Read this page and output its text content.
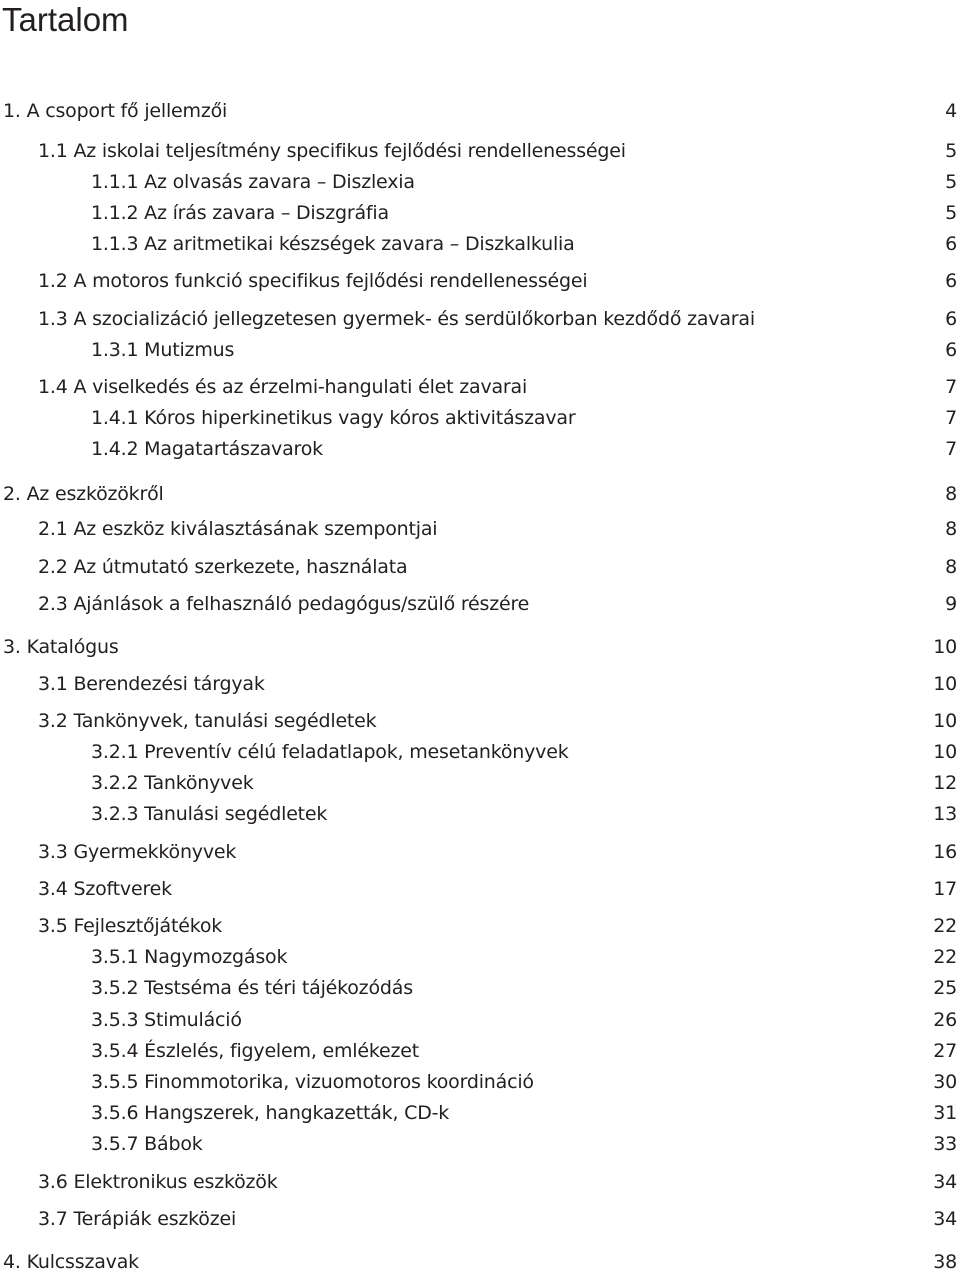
Tartalom
1. A csoport fő jellemzői	4
1.1 Az iskolai teljesítmény specifikus fejlődési rendellenességei	5
1.1.1 Az olvasás zavara – Diszlexia	5
1.1.2 Az írás zavara – Diszgráfia	5
1.1.3 Az aritmetikai készségek zavara – Diszkalkulia	6
1.2 A motoros funkció specifikus fejlődési rendellenességei	6
1.3 A szocializáció jellegzetesen gyermek- és serdülőkorban kezdődő zavarai	6
1.3.1 Mutizmus	6
1.4 A viselkedés és az érzelmi-hangulati élet zavarai	7
1.4.1 Kóros hiperkinetikus vagy kóros aktivitászavar	7
1.4.2 Magatartászavarok	7
2. Az eszközökről	8
2.1 Az eszköz kiválasztásának szempontjai	8
2.2 Az útmutató szerkezete, használata	8
2.3 Ajánlások a felhasználó pedagógus/szülő részére	9
3. Katalógus	10
3.1 Berendezési tárgyak	10
3.2 Tankönyvek, tanulási segédletek	10
3.2.1 Preventív célú feladatlapok, mesetankönyvek	10
3.2.2 Tankönyvek	12
3.2.3 Tanulási segédletek	13
3.3 Gyermekkönyvek	16
3.4 Szoftverek	17
3.5 Fejlesztőjátékok	22
3.5.1 Nagymozgások	22
3.5.2 Testséma és téri tájékozódás	25
3.5.3 Stimuláció	26
3.5.4 Észlelés, figyelem, emlékezet	27
3.5.5 Finommotorika, vizuomotoros koordináció	30
3.5.6 Hangszerek, hangkazetták, CD-k	31
3.5.7 Bábok	33
3.6 Elektronikus eszközök	34
3.7 Terápiák eszközei	34
4. Kulcsszavak	38
